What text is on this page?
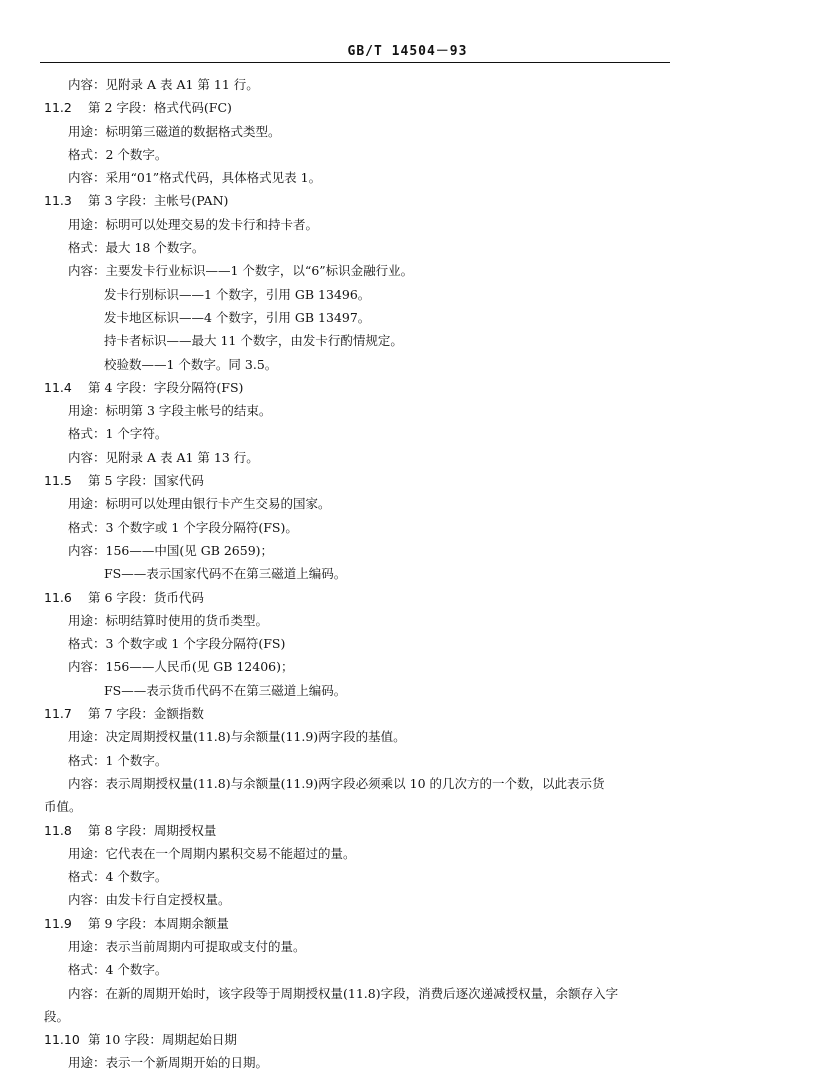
GB/T 14504－93
内容：见附录 A 表 A1 第 11 行。
11.2 第 2 字段：格式代码(FC)
用途：标明第三磁道的数据格式类型。
格式：2 个数字。
内容：采用“01”格式代码，具体格式见表 1。
11.3 第 3 字段：主帐号(PAN)
用途：标明可以处理交易的发卡行和持卡者。
格式：最大 18 个数字。
内容：主要发卡行业标识——1 个数字，以“6”标识金融行业。
发卡行别标识——1 个数字，引用 GB 13496。
发卡地区标识——4 个数字，引用 GB 13497。
持卡者标识——最大 11 个数字，由发卡行酌情规定。
校验数——1 个数字。同 3.5。
11.4 第 4 字段：字段分隔符(FS)
用途：标明第 3 字段主帐号的结束。
格式：1 个字符。
内容：见附录 A 表 A1 第 13 行。
11.5 第 5 字段：国家代码
用途：标明可以处理由银行卡产生交易的国家。
格式：3 个数字或 1 个字段分隔符(FS)。
内容：156——中国(见 GB 2659)；
FS——表示国家代码不在第三磁道上编码。
11.6 第 6 字段：货币代码
用途：标明结算时使用的货币类型。
格式：3 个数字或 1 个字段分隔符(FS)
内容：156——人民币(见 GB 12406)；
FS——表示货币代码不在第三磁道上编码。
11.7 第 7 字段：金额指数
用途：决定周期授权量(11.8)与余额量(11.9)两字段的基值。
格式：1 个数字。
内容：表示周期授权量(11.8)与余额量(11.9)两字段必须乘以 10 的几次方的一个数，以此表示货
币值。
11.8 第 8 字段：周期授权量
用途：它代表在一个周期内累积交易不能超过的量。
格式：4 个数字。
内容：由发卡行自定授权量。
11.9 第 9 字段：本周期余额量
用途：表示当前周期内可提取或支付的量。
格式：4 个数字。
内容：在新的周期开始时，该字段等于周期授权量(11.8)字段，消费后逐次递减授权量，余额存入字
段。
11.10 第 10 字段：周期起始日期
用途：表示一个新周期开始的日期。
